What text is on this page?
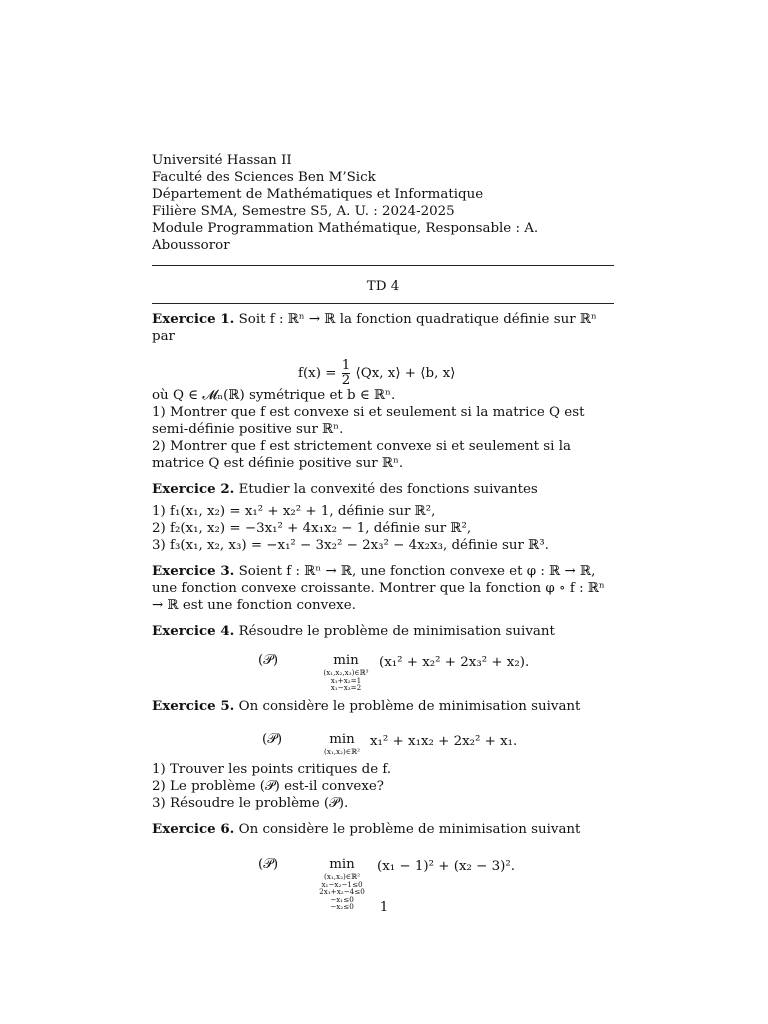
Université Hassan II

Faculté des Sciences Ben M’Sick

Département de Mathématiques et Informatique

Filière SMA, Semestre S5, A. U. : 2024-2025

Module Programmation Mathématique, Responsable : A. Aboussoror

TD 4

Exercice 1. Soit f : ℝⁿ → ℝ la fonction quadratique définie sur ℝⁿ par

$f(x) = \frac{1}{2}$ ⟨Qx, x⟩ + ⟨b, x⟩

où Q ∈ 𝓜ₙ(ℝ) symétrique et b ∈ ℝⁿ.

1) Montrer que f est convexe si et seulement si la matrice Q est semi-définie positive sur ℝⁿ.

2) Montrer que f est strictement convexe si et seulement si la matrice Q est définie positive sur ℝⁿ.

Exercice 2. Etudier la convexité des fonctions suivantes

1) f₁(x₁, x₂) = x₁² + x₂² + 1, définie sur ℝ²,

2) f₂(x₁, x₂) = −3x₁² + 4x₁x₂ − 1, définie sur ℝ²,

3) f₃(x₁, x₂, x₃) = −x₁² − 3x₂² − 2x₃² − 4x₂x₃, définie sur ℝ³.

Exercice 3. Soient f : ℝⁿ → ℝ, une fonction convexe et φ : ℝ → ℝ, une fonction convexe croissante. Montrer que la fonction φ ∘ f : ℝⁿ → ℝ est une fonction convexe.

Exercice 4. Résoudre le problème de minimisation suivant

(𝒫)	min
(x₁,x₂,x₃)∈ℝ³
x₁+x₂=1
x₁−x₃=2
(x₁² + x₂² + 2x₃² + x₂).

Exercice 5. On considère le problème de minimisation suivant

(𝒫)	min
(x₁,x₂)∈ℝ²
x₁² + x₁x₂ + 2x₂² + x₁.

1) Trouver les points critiques de f.

2) Le problème (𝒫) est-il convexe?

3) Résoudre le problème (𝒫).

Exercice 6. On considère le problème de minimisation suivant

(𝒫)	min
(x₁,x₂)∈ℝ²
x₁−x₂−1≤0
2x₁+x₂−4≤0
−x₁≤0
−x₂≤0
(x₁ − 1)² + (x₂ − 3)².
1
